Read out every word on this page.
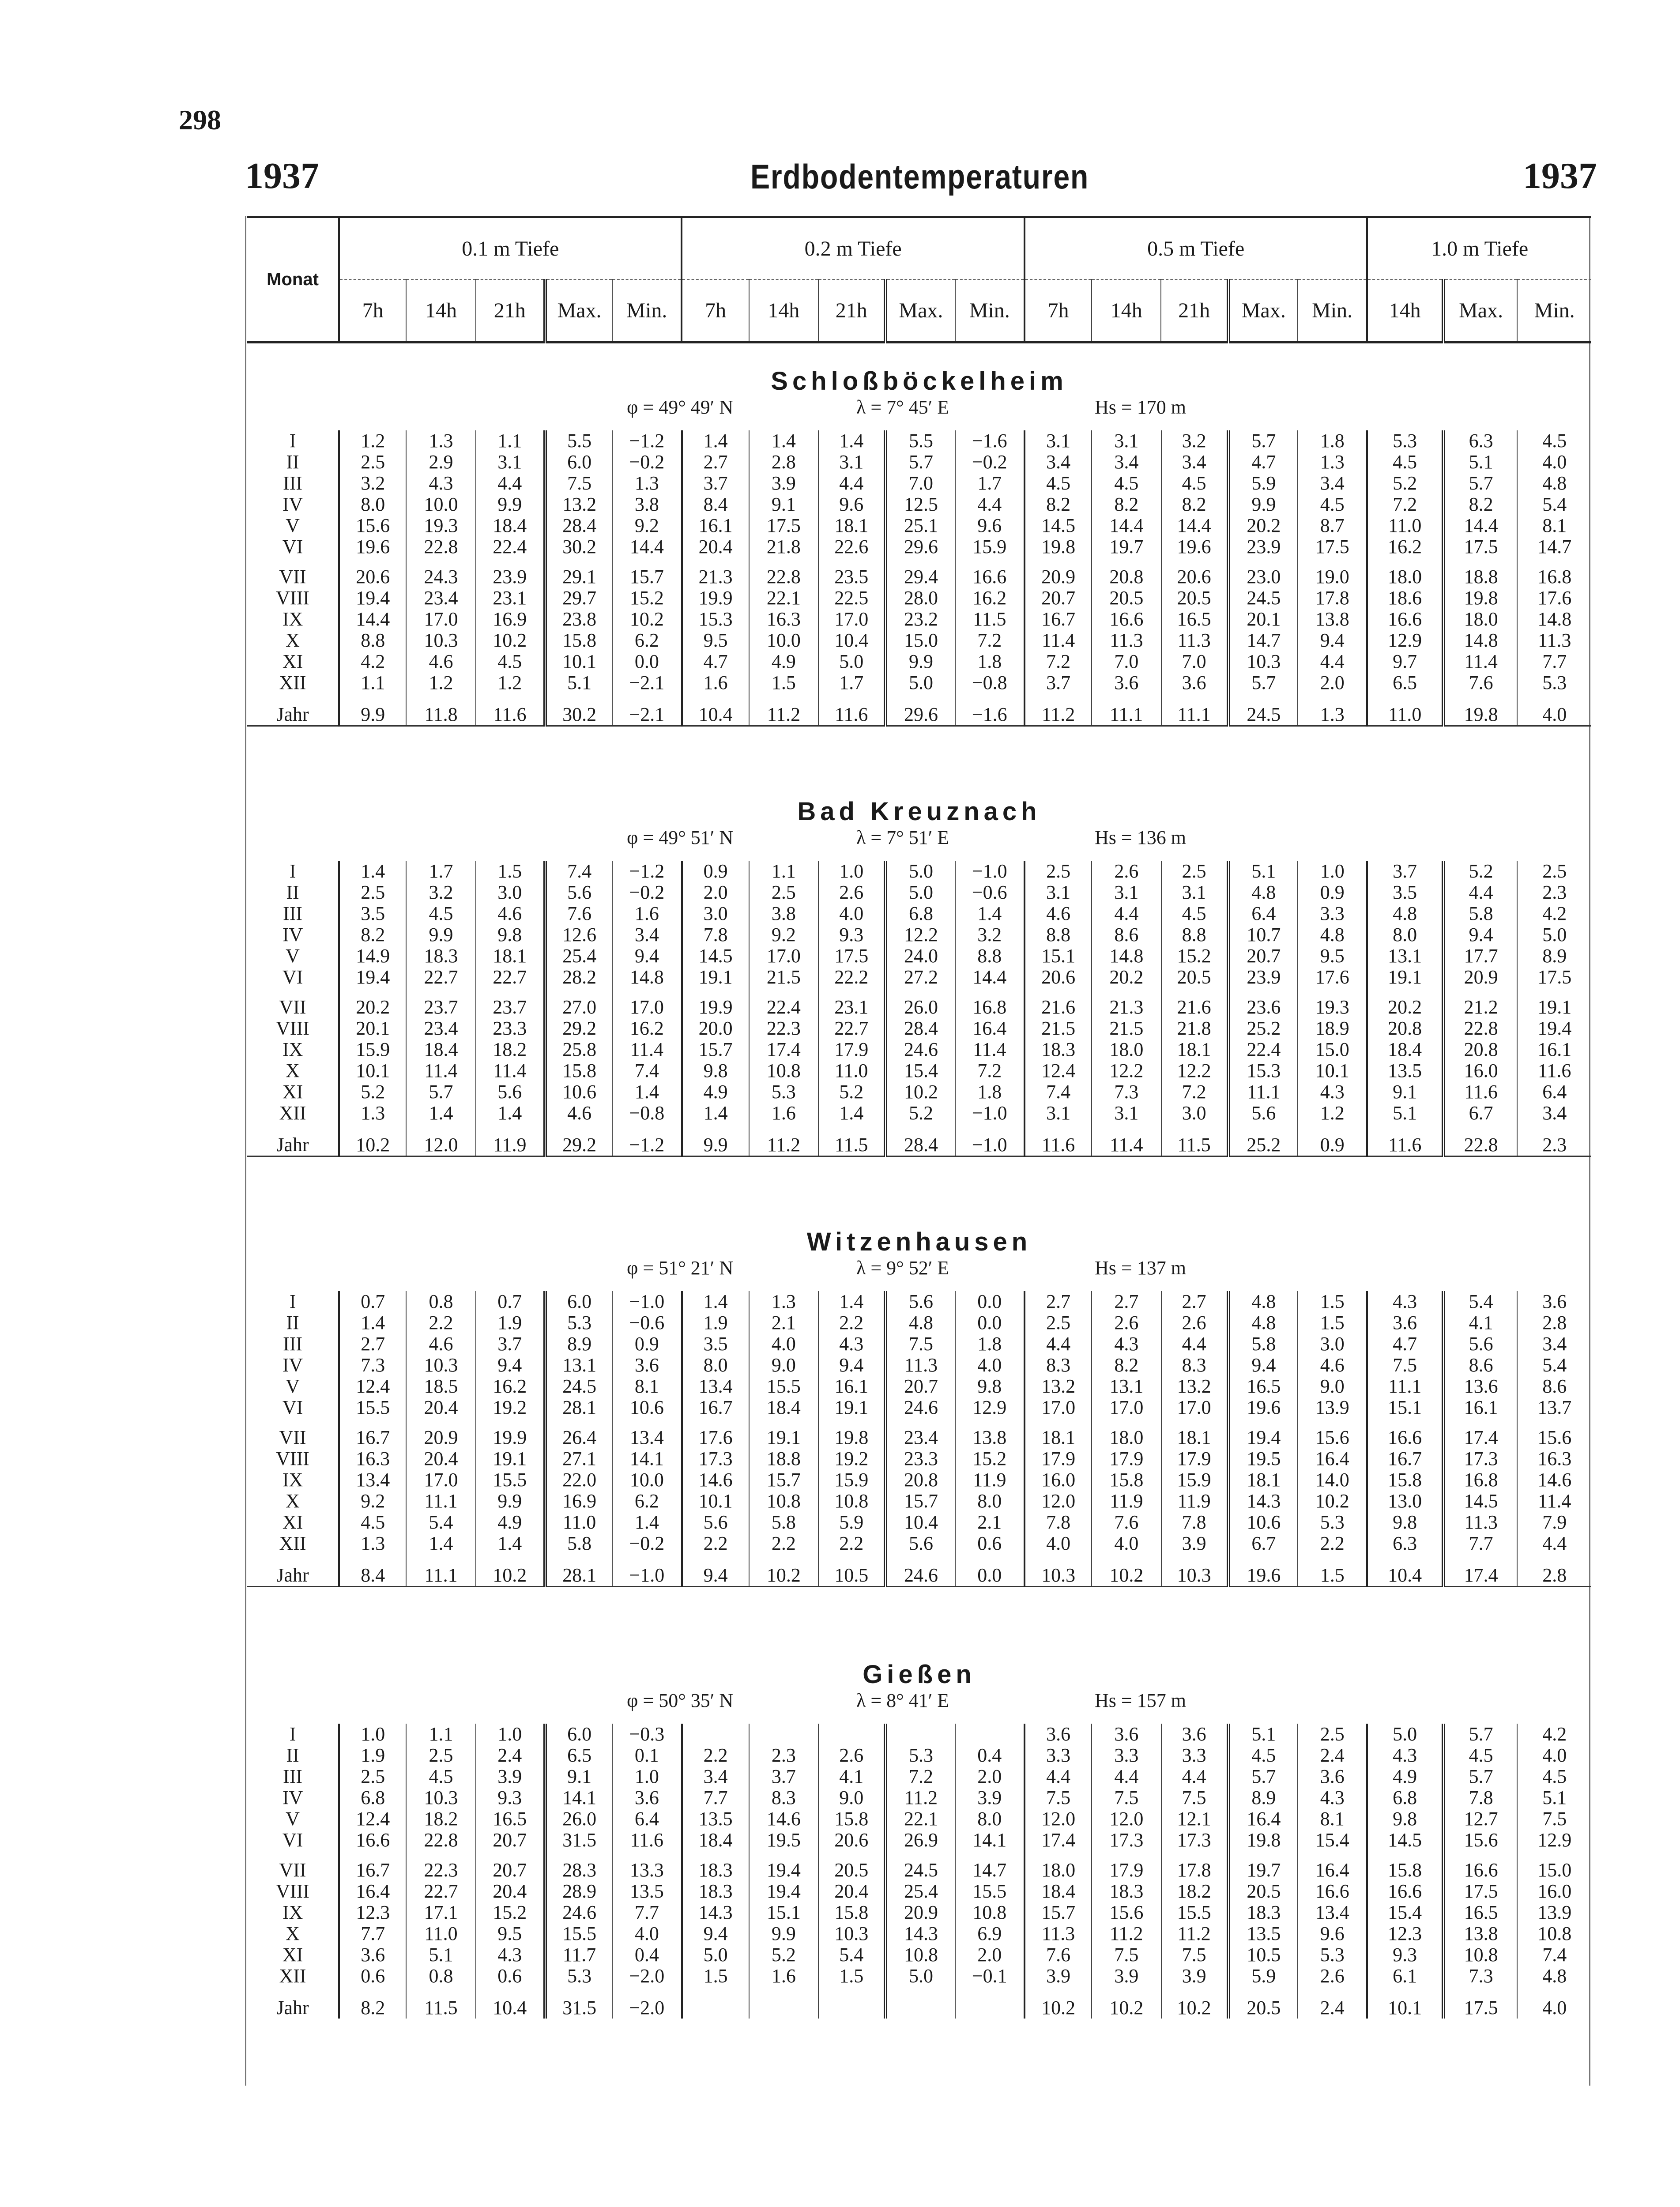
298
1937	Erdbodentemperaturen	1937
Monat	0.1 m Tiefe					0.2 m Tiefe					0.5 m Tiefe					1.0 m Tiefe		
	7h	14h	21h	Max.	Min.	7h	14h	21h	Max.	Min.	7h	14h	21h	Max.	Min.	14h	Max.	Min.
Schloßböckelheim
φ = 49° 49′ N	λ = 7° 45′ E	Hs = 170 m
I	1.2	1.3	1.1	5.5	−1.2	1.4	1.4	1.4	5.5	−1.6	3.1	3.1	3.2	5.7	1.8	5.3	6.3	4.5
II	2.5	2.9	3.1	6.0	−0.2	2.7	2.8	3.1	5.7	−0.2	3.4	3.4	3.4	4.7	1.3	4.5	5.1	4.0
III	3.2	4.3	4.4	7.5	1.3	3.7	3.9	4.4	7.0	1.7	4.5	4.5	4.5	5.9	3.4	5.2	5.7	4.8
IV	8.0	10.0	9.9	13.2	3.8	8.4	9.1	9.6	12.5	4.4	8.2	8.2	8.2	9.9	4.5	7.2	8.2	5.4
V	15.6	19.3	18.4	28.4	9.2	16.1	17.5	18.1	25.1	9.6	14.5	14.4	14.4	20.2	8.7	11.0	14.4	8.1
VI	19.6	22.8	22.4	30.2	14.4	20.4	21.8	22.6	29.6	15.9	19.8	19.7	19.6	23.9	17.5	16.2	17.5	14.7
VII	20.6	24.3	23.9	29.1	15.7	21.3	22.8	23.5	29.4	16.6	20.9	20.8	20.6	23.0	19.0	18.0	18.8	16.8
VIII	19.4	23.4	23.1	29.7	15.2	19.9	22.1	22.5	28.0	16.2	20.7	20.5	20.5	24.5	17.8	18.6	19.8	17.6
IX	14.4	17.0	16.9	23.8	10.2	15.3	16.3	17.0	23.2	11.5	16.7	16.6	16.5	20.1	13.8	16.6	18.0	14.8
X	8.8	10.3	10.2	15.8	6.2	9.5	10.0	10.4	15.0	7.2	11.4	11.3	11.3	14.7	9.4	12.9	14.8	11.3
XI	4.2	4.6	4.5	10.1	0.0	4.7	4.9	5.0	9.9	1.8	7.2	7.0	7.0	10.3	4.4	9.7	11.4	7.7
XII	1.1	1.2	1.2	5.1	−2.1	1.6	1.5	1.7	5.0	−0.8	3.7	3.6	3.6	5.7	2.0	6.5	7.6	5.3
Jahr	9.9	11.8	11.6	30.2	−2.1	10.4	11.2	11.6	29.6	−1.6	11.2	11.1	11.1	24.5	1.3	11.0	19.8	4.0
Bad Kreuznach
φ = 49° 51′ N	λ = 7° 51′ E	Hs = 136 m
I	1.4	1.7	1.5	7.4	−1.2	0.9	1.1	1.0	5.0	−1.0	2.5	2.6	2.5	5.1	1.0	3.7	5.2	2.5
II	2.5	3.2	3.0	5.6	−0.2	2.0	2.5	2.6	5.0	−0.6	3.1	3.1	3.1	4.8	0.9	3.5	4.4	2.3
III	3.5	4.5	4.6	7.6	1.6	3.0	3.8	4.0	6.8	1.4	4.6	4.4	4.5	6.4	3.3	4.8	5.8	4.2
IV	8.2	9.9	9.8	12.6	3.4	7.8	9.2	9.3	12.2	3.2	8.8	8.6	8.8	10.7	4.8	8.0	9.4	5.0
V	14.9	18.3	18.1	25.4	9.4	14.5	17.0	17.5	24.0	8.8	15.1	14.8	15.2	20.7	9.5	13.1	17.7	8.9
VI	19.4	22.7	22.7	28.2	14.8	19.1	21.5	22.2	27.2	14.4	20.6	20.2	20.5	23.9	17.6	19.1	20.9	17.5
VII	20.2	23.7	23.7	27.0	17.0	19.9	22.4	23.1	26.0	16.8	21.6	21.3	21.6	23.6	19.3	20.2	21.2	19.1
VIII	20.1	23.4	23.3	29.2	16.2	20.0	22.3	22.7	28.4	16.4	21.5	21.5	21.8	25.2	18.9	20.8	22.8	19.4
IX	15.9	18.4	18.2	25.8	11.4	15.7	17.4	17.9	24.6	11.4	18.3	18.0	18.1	22.4	15.0	18.4	20.8	16.1
X	10.1	11.4	11.4	15.8	7.4	9.8	10.8	11.0	15.4	7.2	12.4	12.2	12.2	15.3	10.1	13.5	16.0	11.6
XI	5.2	5.7	5.6	10.6	1.4	4.9	5.3	5.2	10.2	1.8	7.4	7.3	7.2	11.1	4.3	9.1	11.6	6.4
XII	1.3	1.4	1.4	4.6	−0.8	1.4	1.6	1.4	5.2	−1.0	3.1	3.1	3.0	5.6	1.2	5.1	6.7	3.4
Jahr	10.2	12.0	11.9	29.2	−1.2	9.9	11.2	11.5	28.4	−1.0	11.6	11.4	11.5	25.2	0.9	11.6	22.8	2.3
Witzenhausen
φ = 51° 21′ N	λ = 9° 52′ E	Hs = 137 m
I	0.7	0.8	0.7	6.0	−1.0	1.4	1.3	1.4	5.6	0.0	2.7	2.7	2.7	4.8	1.5	4.3	5.4	3.6
II	1.4	2.2	1.9	5.3	−0.6	1.9	2.1	2.2	4.8	0.0	2.5	2.6	2.6	4.8	1.5	3.6	4.1	2.8
III	2.7	4.6	3.7	8.9	0.9	3.5	4.0	4.3	7.5	1.8	4.4	4.3	4.4	5.8	3.0	4.7	5.6	3.4
IV	7.3	10.3	9.4	13.1	3.6	8.0	9.0	9.4	11.3	4.0	8.3	8.2	8.3	9.4	4.6	7.5	8.6	5.4
V	12.4	18.5	16.2	24.5	8.1	13.4	15.5	16.1	20.7	9.8	13.2	13.1	13.2	16.5	9.0	11.1	13.6	8.6
VI	15.5	20.4	19.2	28.1	10.6	16.7	18.4	19.1	24.6	12.9	17.0	17.0	17.0	19.6	13.9	15.1	16.1	13.7
VII	16.7	20.9	19.9	26.4	13.4	17.6	19.1	19.8	23.4	13.8	18.1	18.0	18.1	19.4	15.6	16.6	17.4	15.6
VIII	16.3	20.4	19.1	27.1	14.1	17.3	18.8	19.2	23.3	15.2	17.9	17.9	17.9	19.5	16.4	16.7	17.3	16.3
IX	13.4	17.0	15.5	22.0	10.0	14.6	15.7	15.9	20.8	11.9	16.0	15.8	15.9	18.1	14.0	15.8	16.8	14.6
X	9.2	11.1	9.9	16.9	6.2	10.1	10.8	10.8	15.7	8.0	12.0	11.9	11.9	14.3	10.2	13.0	14.5	11.4
XI	4.5	5.4	4.9	11.0	1.4	5.6	5.8	5.9	10.4	2.1	7.8	7.6	7.8	10.6	5.3	9.8	11.3	7.9
XII	1.3	1.4	1.4	5.8	−0.2	2.2	2.2	2.2	5.6	0.6	4.0	4.0	3.9	6.7	2.2	6.3	7.7	4.4
Jahr	8.4	11.1	10.2	28.1	−1.0	9.4	10.2	10.5	24.6	0.0	10.3	10.2	10.3	19.6	1.5	10.4	17.4	2.8
Gießen
φ = 50° 35′ N	λ = 8° 41′ E	Hs = 157 m
I	1.0	1.1	1.0	6.0	−0.3						3.6	3.6	3.6	5.1	2.5	5.0	5.7	4.2
II	1.9	2.5	2.4	6.5	0.1	2.2	2.3	2.6	5.3	0.4	3.3	3.3	3.3	4.5	2.4	4.3	4.5	4.0
III	2.5	4.5	3.9	9.1	1.0	3.4	3.7	4.1	7.2	2.0	4.4	4.4	4.4	5.7	3.6	4.9	5.7	4.5
IV	6.8	10.3	9.3	14.1	3.6	7.7	8.3	9.0	11.2	3.9	7.5	7.5	7.5	8.9	4.3	6.8	7.8	5.1
V	12.4	18.2	16.5	26.0	6.4	13.5	14.6	15.8	22.1	8.0	12.0	12.0	12.1	16.4	8.1	9.8	12.7	7.5
VI	16.6	22.8	20.7	31.5	11.6	18.4	19.5	20.6	26.9	14.1	17.4	17.3	17.3	19.8	15.4	14.5	15.6	12.9
VII	16.7	22.3	20.7	28.3	13.3	18.3	19.4	20.5	24.5	14.7	18.0	17.9	17.8	19.7	16.4	15.8	16.6	15.0
VIII	16.4	22.7	20.4	28.9	13.5	18.3	19.4	20.4	25.4	15.5	18.4	18.3	18.2	20.5	16.6	16.6	17.5	16.0
IX	12.3	17.1	15.2	24.6	7.7	14.3	15.1	15.8	20.9	10.8	15.7	15.6	15.5	18.3	13.4	15.4	16.5	13.9
X	7.7	11.0	9.5	15.5	4.0	9.4	9.9	10.3	14.3	6.9	11.3	11.2	11.2	13.5	9.6	12.3	13.8	10.8
XI	3.6	5.1	4.3	11.7	0.4	5.0	5.2	5.4	10.8	2.0	7.6	7.5	7.5	10.5	5.3	9.3	10.8	7.4
XII	0.6	0.8	0.6	5.3	−2.0	1.5	1.6	1.5	5.0	−0.1	3.9	3.9	3.9	5.9	2.6	6.1	7.3	4.8
Jahr	8.2	11.5	10.4	31.5	−2.0						10.2	10.2	10.2	20.5	2.4	10.1	17.5	4.0
